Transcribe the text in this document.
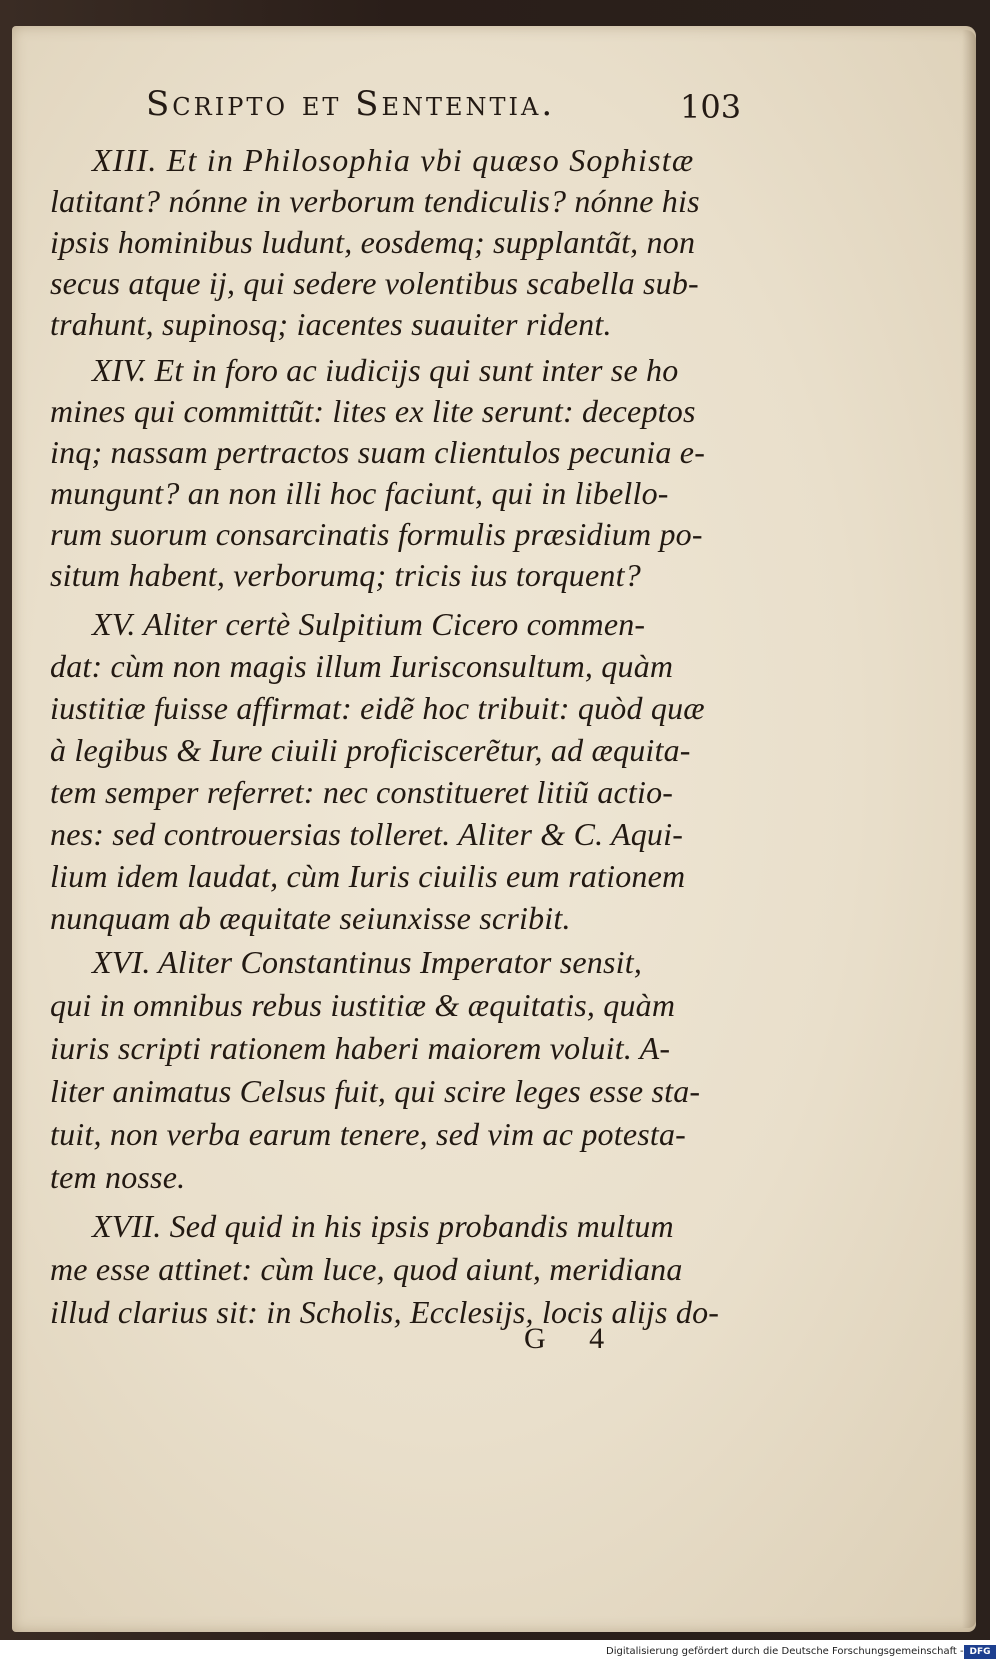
Scripto et Sententia.	103
XIII. Et in Philosophia vbi quæso Sophistæ
latitant? nónne in verborum tendiculis? nónne his
ipsis hominibus ludunt, eosdemq; supplantãt, non
secus atque ij, qui sedere volentibus scabella sub-
trahunt, supinosq; iacentes suauiter rident.
XIV. Et in foro ac iudicijs qui sunt inter se ho
mines qui committũt: lites ex lite serunt: deceptos
inq; nassam pertractos suam clientulos pecunia e-
mungunt? an non illi hoc faciunt, qui in libello-
rum suorum consarcinatis formulis præsidium po-
situm habent, verborumq; tricis ius torquent?
XV. Aliter certè Sulpitium Cicero commen-
dat: cùm non magis illum Iurisconsultum, quàm
iustitiæ fuisse affirmat: eidẽ hoc tribuit: quòd quæ
à legibus & Iure ciuili proficiscerẽtur, ad æquita-
tem semper referret: nec constitueret litiũ actio-
nes: sed controuersias tolleret. Aliter & C. Aqui-
lium idem laudat, cùm Iuris ciuilis eum rationem
nunquam ab æquitate seiunxisse scribit.
XVI. Aliter Constantinus Imperator sensit,
qui in omnibus rebus iustitiæ & æquitatis, quàm
iuris scripti rationem haberi maiorem voluit. A-
liter animatus Celsus fuit, qui scire leges esse sta-
tuit, non verba earum tenere, sed vim ac potesta-
tem nosse.
XVII. Sed quid in his ipsis probandis multum
me esse attinet: cùm luce, quod aiunt, meridiana
illud clarius sit: in Scholis, Ecclesijs, locis alijs do-
G 4
Digitalisierung gefördert durch die Deutsche Forschungsgemeinschaft - DFG
